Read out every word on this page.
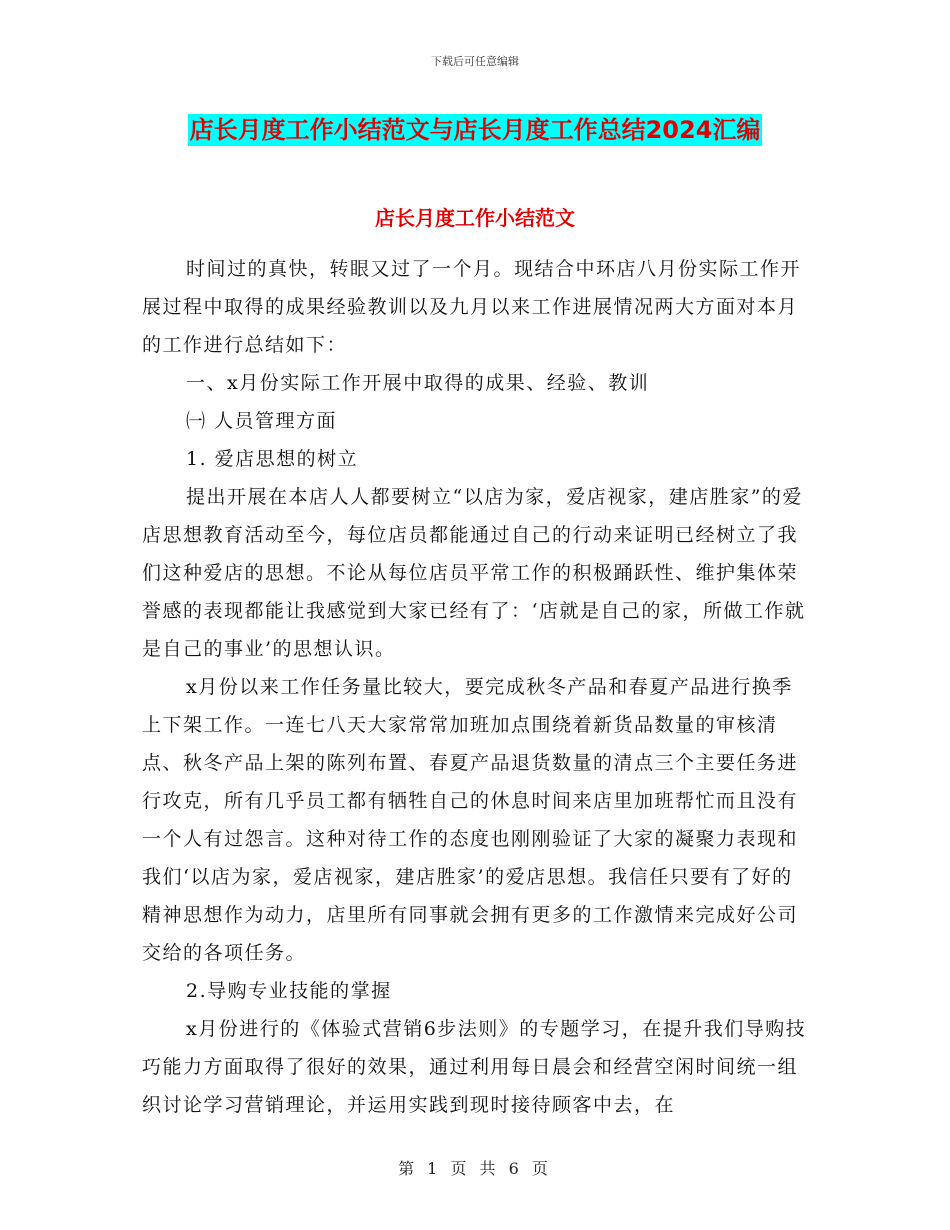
下载后可任意编辑
店长月度工作小结范文与店长月度工作总结2024汇编
店长月度工作小结范文

时间过的真快，转眼又过了一个月。现结合中环店八月份实际工作开展过程中取得的成果经验教训以及九月以来工作进展情况两大方面对本月的工作进行总结如下：

一、x月份实际工作开展中取得的成果、经验、教训

㈠ 人员管理方面

1. 爱店思想的树立

提出开展在本店人人都要树立“以店为家，爱店视家，建店胜家”的爱店思想教育活动至今，每位店员都能通过自己的行动来证明已经树立了我们这种爱店的思想。不论从每位店员平常工作的积极踊跃性、维护集体荣誉感的表现都能让我感觉到大家已经有了：‘店就是自己的家，所做工作就是自己的事业’的思想认识。

x月份以来工作任务量比较大，要完成秋冬产品和春夏产品进行换季上下架工作。一连七八天大家常常加班加点围绕着新货品数量的审核清点、秋冬产品上架的陈列布置、春夏产品退货数量的清点三个主要任务进行攻克，所有几乎员工都有牺牲自己的休息时间来店里加班帮忙而且没有一个人有过怨言。这种对待工作的态度也刚刚验证了大家的凝聚力表现和我们‘以店为家，爱店视家，建店胜家’的爱店思想。我信任只要有了好的精神思想作为动力，店里所有同事就会拥有更多的工作激情来完成好公司交给的各项任务。

2.导购专业技能的掌握

x月份进行的《体验式营销6步法则》的专题学习，在提升我们导购技巧能力方面取得了很好的效果，通过利用每日晨会和经营空闲时间统一组织讨论学习营销理论，并运用实践到现时接待顾客中去，在

第 1 页 共 6 页
